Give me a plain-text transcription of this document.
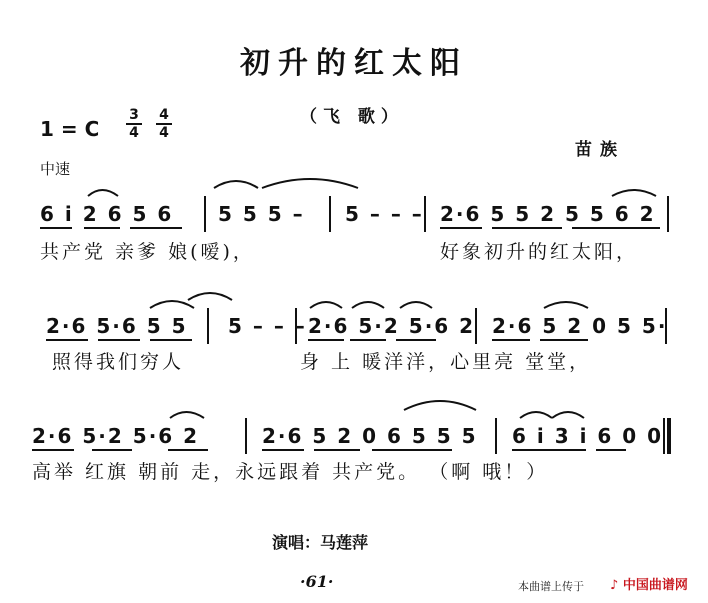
初升的红太阳
（飞 歌）
1 = C
3
4
4
4
苗族
中速
6 i 2 6 5 6 5 5 5 – 5 – – – 2·6 5 5 2 5 5 6 2
共产党 亲爹 娘(嗳)，	好象初升的红太阳，
2·6 5·6 5 5 5 – – – 2·6 5·2 5·6 2 2·6 5 2 0 5 5·
照得我们穷人	身 上 暖洋洋，心里亮 堂堂，
2·6 5·2 5·6 2	2·6 5 2 0 6 5 5 5 6 i 3 i 6 0 0
高举 红旗 朝前 走，永远跟着 共产党。 （啊 哦！）
演唱：马莲萍
·61·	本曲谱上传于 ♪ 中国曲谱网
